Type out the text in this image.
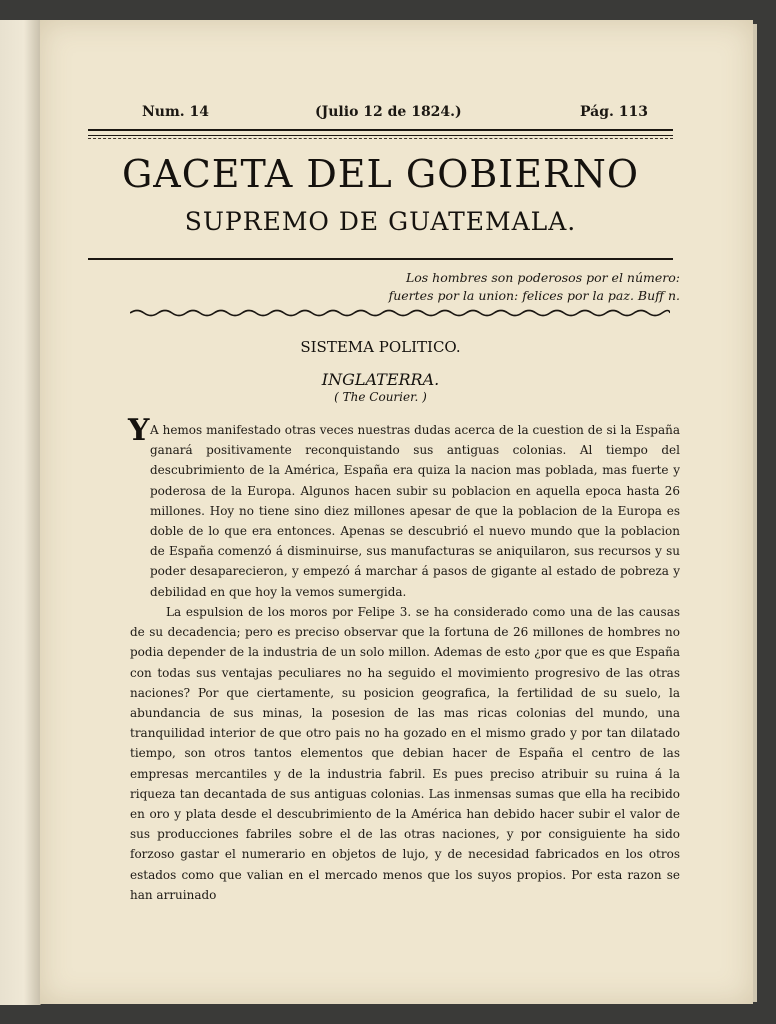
Num. 14	(Julio 12 de 1824.)	Pág. 113
GACETA DEL GOBIERNO
SUPREMO DE GUATEMALA.
Los hombres son poderosos por el número:
fuertes por la union: felices por la paz. Buff n.
SISTEMA POLITICO.
INGLATERRA.
( The Courier. )
Y A hemos manifestado otras veces nuestras dudas acerca de la cuestion de si la España ganará positivamente reconquistando sus antiguas colonias. Al tiempo del descubrimiento de la América, España era quiza la nacion mas poblada, mas fuerte y poderosa de la Europa. Algunos hacen subir su poblacion en aquella epoca hasta 26 millones. Hoy no tiene sino diez millones apesar de que la poblacion de la Europa es doble de lo que era entonces. Apenas se descubrió el nuevo mundo que la poblacion de España comenzó á disminuirse, sus manufacturas se aniquilaron, sus recursos y su poder desaparecieron, y empezó á marchar á pasos de gigante al estado de pobreza y debilidad en que hoy la vemos sumergida.
La espulsion de los moros por Felipe 3. se ha considerado como una de las causas de su decadencia; pero es preciso observar que la fortuna de 26 millones de hombres no podia depender de la industria de un solo millon. Ademas de esto ¿por que es que España con todas sus ventajas peculiares no ha seguido el movimiento progresivo de las otras naciones? Por que ciertamente, su posicion geografica, la fertilidad de su suelo, la abundancia de sus minas, la posesion de las mas ricas colonias del mundo, una tranquilidad interior de que otro pais no ha gozado en el mismo grado y por tan dilatado tiempo, son otros tantos elementos que debian hacer de España el centro de las empresas mercantiles y de la industria fabril. Es pues preciso atribuir su ruina á la riqueza tan decantada de sus antiguas colonias. Las inmensas sumas que ella ha recibido en oro y plata desde el descubrimiento de la América han debido hacer subir el valor de sus producciones fabriles sobre el de las otras naciones, y por consiguiente ha sido forzoso gastar el numerario en objetos de lujo, y de necesidad fabricados en los otros estados como que valian en el mercado menos que los suyos propios. Por esta razon se han arruinado
